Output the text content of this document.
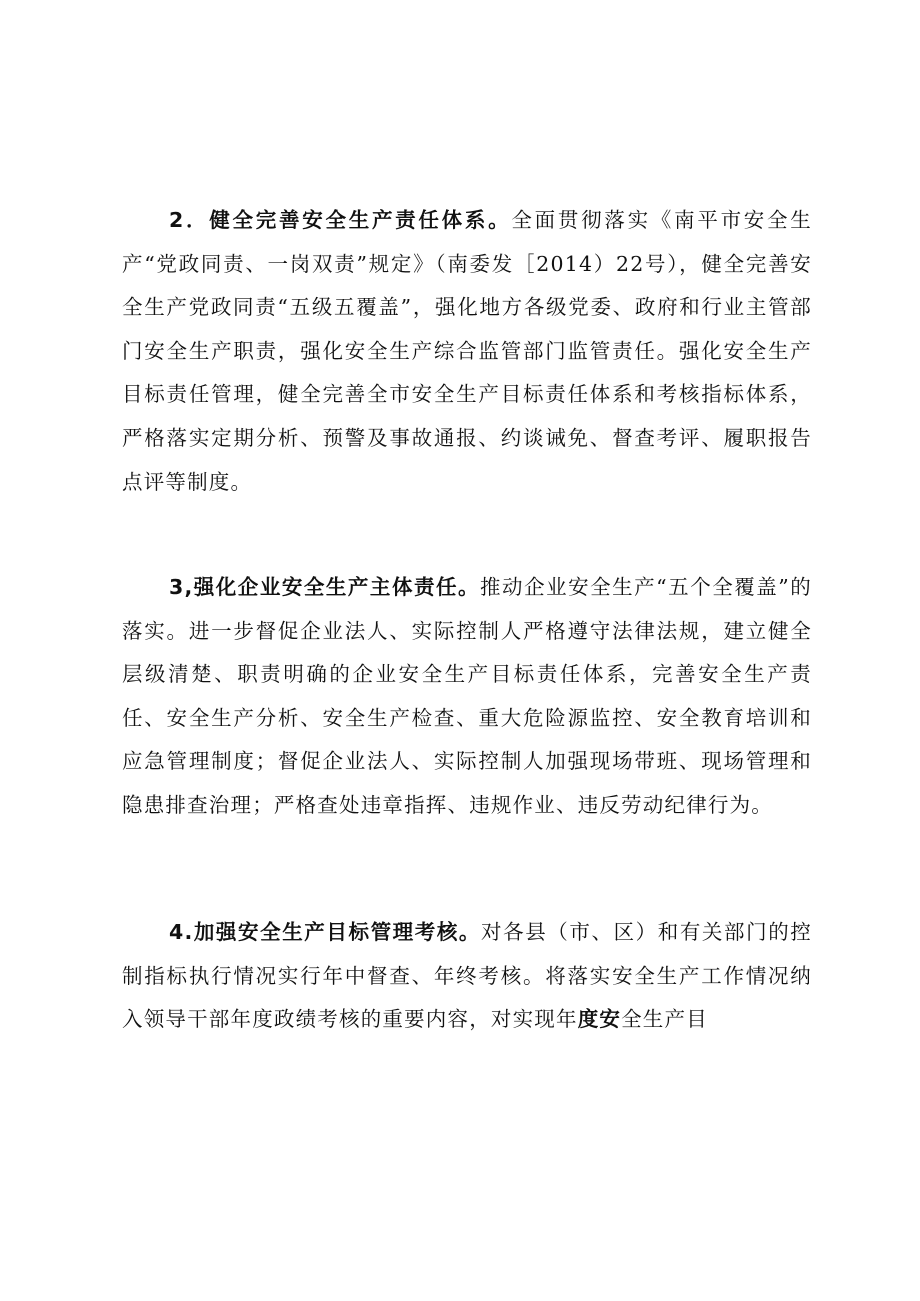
2．健全完善安全生产责任体系。全面贯彻落实《南平市安全生产“党政同责、一岗双责”规定》（南委发［2014）22号），健全完善安全生产党政同责“五级五覆盖”，强化地方各级党委、政府和行业主管部门安全生产职责，强化安全生产综合监管部门监管责任。强化安全生产目标责任管理，健全完善全市安全生产目标责任体系和考核指标体系，严格落实定期分析、预警及事故通报、约谈诫免、督查考评、履职报告点评等制度。

3,强化企业安全生产主体责任。推动企业安全生产“五个全覆盖”的落实。进一步督促企业法人、实际控制人严格遵守法律法规，建立健全层级清楚、职责明确的企业安全生产目标责任体系，完善安全生产责任、安全生产分析、安全生产检查、重大危险源监控、安全教育培训和应急管理制度；督促企业法人、实际控制人加强现场带班、现场管理和隐患排查治理；严格查处违章指挥、违规作业、违反劳动纪律行为。

4.加强安全生产目标管理考核。对各县（市、区）和有关部门的控制指标执行情况实行年中督查、年终考核。将落实安全生产工作情况纳入领导干部年度政绩考核的重要内容，对实现年度安全生产目
